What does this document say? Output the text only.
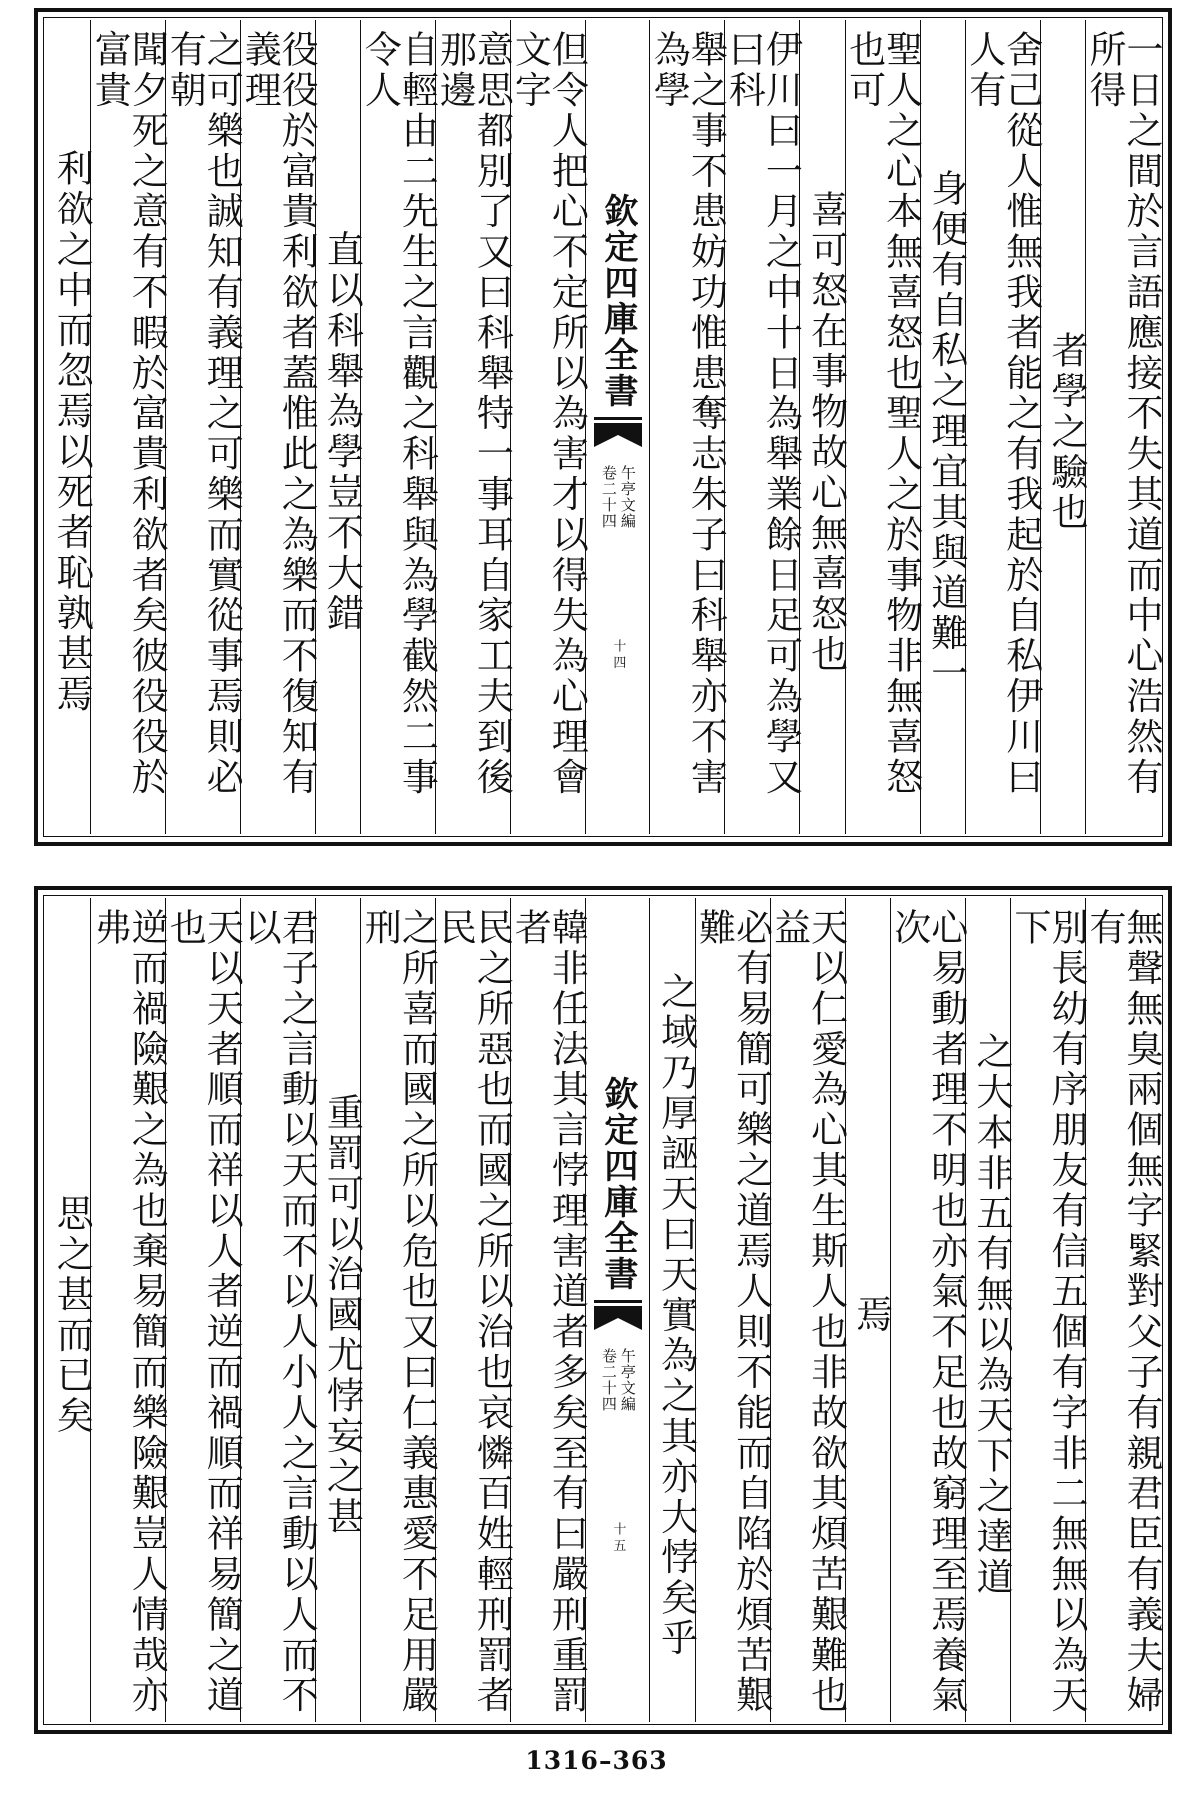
一日之間於言語應接不失其道而中心浩然有所得
者學之驗也
舍己從人惟無我者能之有我起於自私伊川曰人有
身便有自私之理宜其與道難一
聖人之心本無喜怒也聖人之於事物非無喜怒也可
喜可怒在事物故心無喜怒也
伊川曰一月之中十日為舉業餘日足可為學又曰科
舉之事不患妨功惟患奪志朱子曰科舉亦不害為學
欽定四庫全書
午亭文編
卷二十四
十四
但令人把心不定所以為害才以得失為心理會文字
意思都別了又曰科舉特一事耳自家工夫到後那邊
自輕由二先生之言觀之科舉與為學截然二事令人
直以科舉為學豈不大錯
役役於富貴利欲者蓋惟此之為樂而不復知有義理
之可樂也誠知有義理之可樂而實從事焉則必有朝
聞夕死之意有不暇於富貴利欲者矣彼役役於富貴
利欲之中而忽焉以死者恥孰甚焉
無聲無臭兩個無字緊對父子有親君臣有義夫婦有
別長幼有序朋友有信五個有字非二無無以為天下
之大本非五有無以為天下之達道
心易動者理不明也亦氣不足也故窮理至焉養氣次
焉
天以仁愛為心其生斯人也非故欲其煩苦艱難也益
必有易簡可樂之道焉人則不能而自陷於煩苦艱難
之域乃厚誣天曰天實為之其亦大悖矣乎
欽定四庫全書
午亭文編
卷二十四
十五
韓非任法其言悖理害道者多矣至有曰嚴刑重罰者
民之所惡也而國之所以治也哀憐百姓輕刑罰者民
之所喜而國之所以危也又曰仁義惠愛不足用嚴刑
重罰可以治國尤悖妄之甚
君子之言動以天而不以人小人之言動以人而不以
天以天者順而祥以人者逆而禍順而祥易簡之道也
逆而禍險艱之為也棄易簡而樂險艱豈人情哉亦弗
思之甚而已矣
1316–363
